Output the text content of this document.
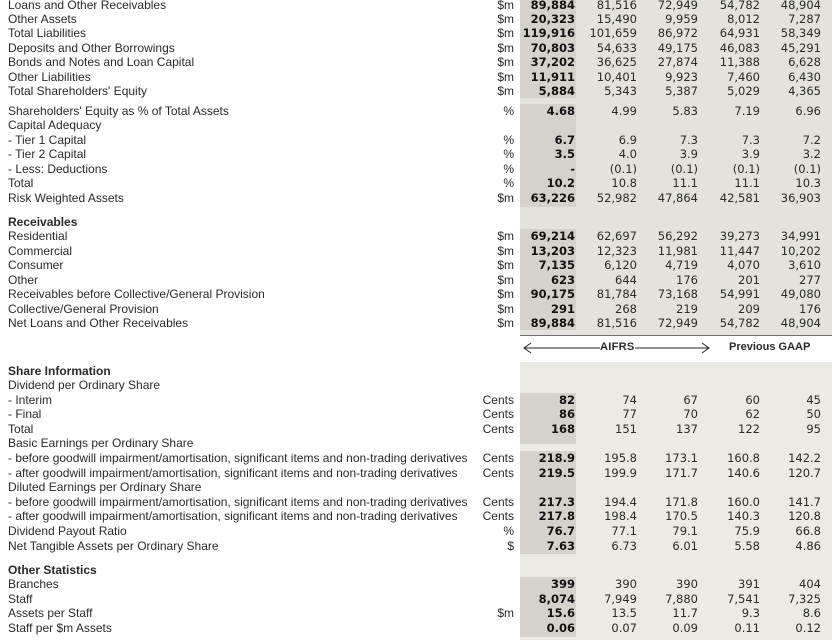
Loans and Other Receivables	$m 89,884 81,516 72,949 54,782 48,904
Other Assets	$m 20,323 15,490 9,959	8,012 7,287
Total Liabilities	$m 119,916 101,659 86,972 64,931 58,349
Deposits and Other Borrowings	$m 70,803 54,633 49,175 46,083 45,291
Bonds and Notes and Loan Capital	$m 37,202 36,625 27,874 11,388 6,628
Other Liabilities	$m 11,911 10,401 9,923	7,460 6,430
Total Shareholders' Equity	$m 5,884	5,343 5,387	5,029 4,365
Shareholders' Equity as % of Total Assets	%	4.68	4.99	5.83	7.19	6.96
Capital Adequacy
- Tier 1 Capital	%	6.7	6.9	7.3	7.3	7.2
- Tier 2 Capital	%	3.5	4.0	3.9	3.9	3.2
- Less: Deductions	%	-	(0.1)	(0.1)	(0.1)	(0.1)
Total	%	10.2	10.8	11.1	11.1	10.3
Risk Weighted Assets	$m 63,226 52,982 47,864 42,581 36,903
Receivables
Residential	$m 69,214 62,697 56,292 39,273 34,991
Commercial	$m 13,203 12,323 11,981 11,447 10,202
Consumer	$m 7,135	6,120 4,719	4,070 3,610
Other	$m	623	644	176	201	277
Receivables before Collective/General Provision	$m 90,175 81,784 73,168 54,991 49,080
Collective/General Provision	$m	291	268	219	209	176
Net Loans and Other Receivables	$m 89,884 81,516 72,949 54,782 48,904
Share Information
Dividend per Ordinary Share
- Interim	Cents	82	74	67	60	45
- Final	Cents	86	77	70	62	50
Total	Cents	168	151	137	122	95
Basic Earnings per Ordinary Share
- before goodwill impairment/amortisation, significant items and non-trading derivatives Cents 218.9	195.8 173.1	160.8 142.2
- after goodwill impairment/amortisation, significant items and non-trading derivatives Cents 219.5	199.9 171.7	140.6 120.7
Diluted Earnings per Ordinary Share
- before goodwill impairment/amortisation, significant items and non-trading derivatives Cents 217.3	194.4 171.8	160.0 141.7
- after goodwill impairment/amortisation, significant items and non-trading derivatives Cents 217.8	198.4 170.5	140.3 120.8
Dividend Payout Ratio	%	76.7	77.1	79.1	75.9	66.8
Net Tangible Assets per Ordinary Share	$	7.63	6.73	6.01	5.58	4.86
Other Statistics
Branches	399	390	390	391	404
Staff	8,074	7,949 7,880	7,541 7,325
Assets per Staff	$m	15.6	13.5	11.7	9.3	8.6
Staff per $m Assets	0.06	0.07	0.09	0.11	0.12
AIFRS	Previous GAAP
